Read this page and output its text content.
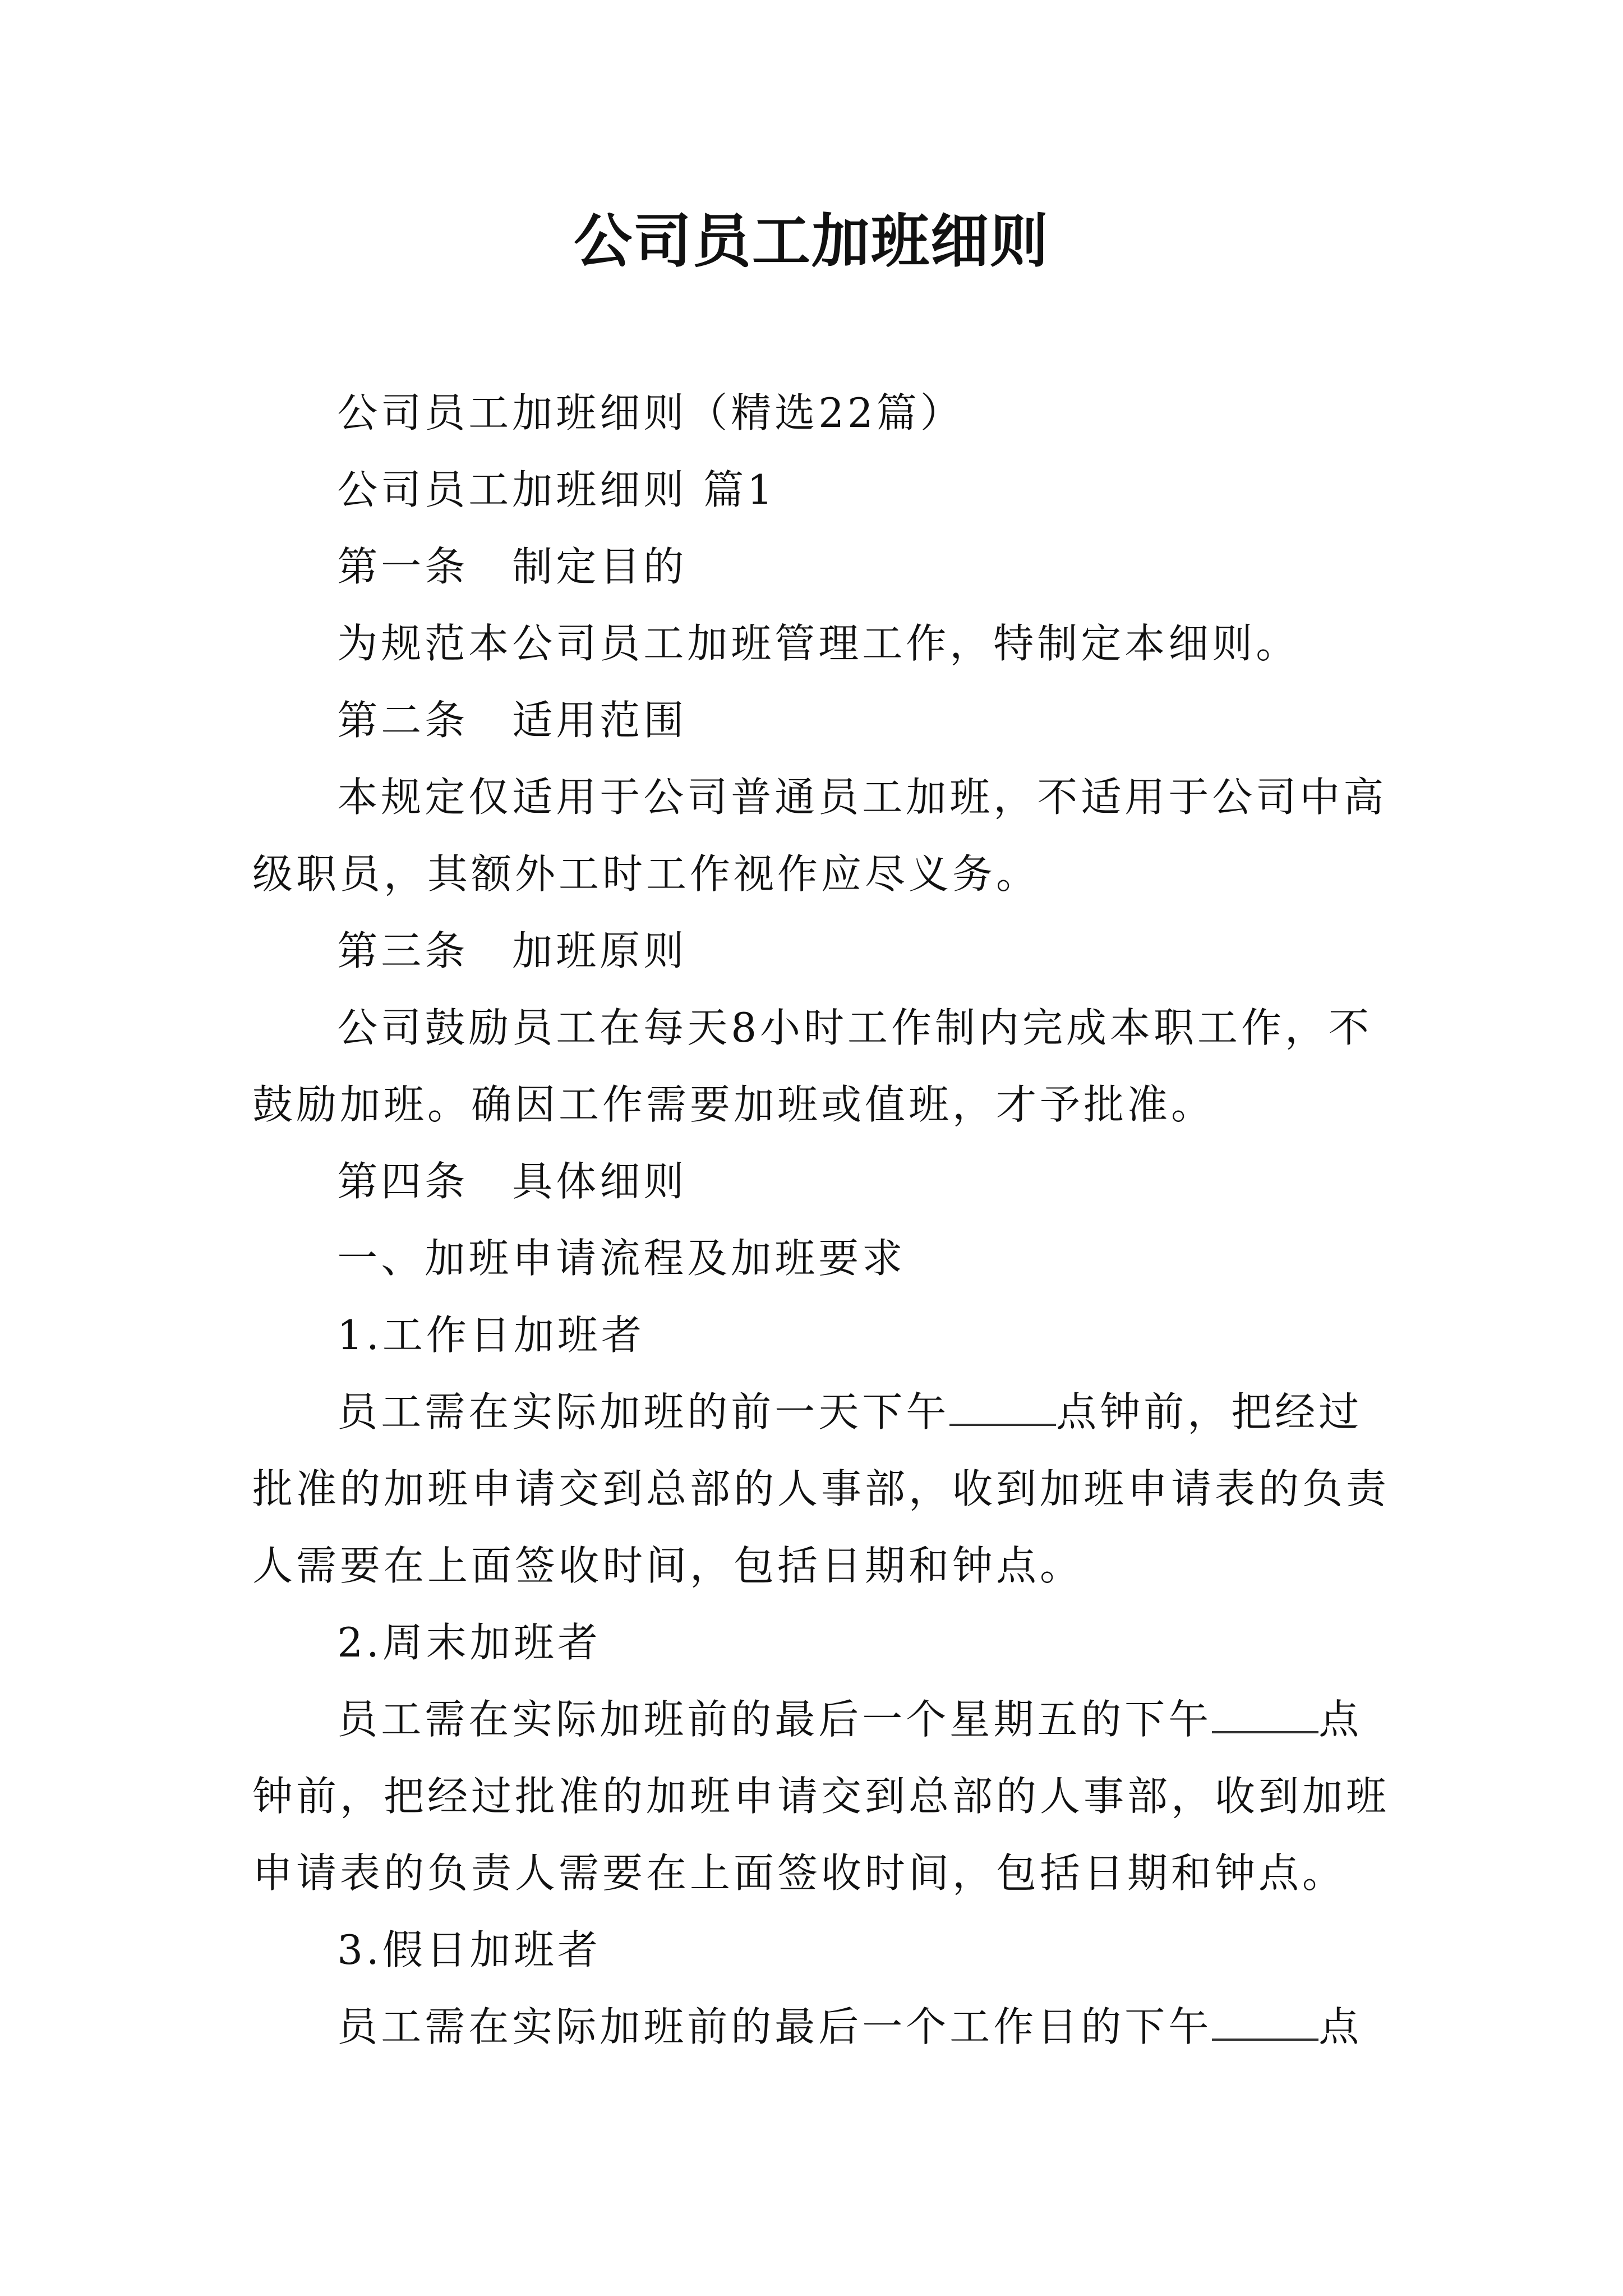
公司员工加班细则

公司员工加班细则（精选22篇）

公司员工加班细则 篇1

第一条　制定目的

为规范本公司员工加班管理工作，特制定本细则。

第二条　适用范围

本规定仅适用于公司普通员工加班，不适用于公司中高级职员，其额外工时工作视作应尽义务。

第三条　加班原则

公司鼓励员工在每天8小时工作制内完成本职工作，不鼓励加班。确因工作需要加班或值班，才予批准。

第四条　具体细则

一、加班申请流程及加班要求

1.工作日加班者

员工需在实际加班的前一天下午	点钟前，把经过批准的加班申请交到总部的人事部，收到加班申请表的负责人需要在上面签收时间，包括日期和钟点。

2.周末加班者

员工需在实际加班前的最后一个星期五的下午	点钟前，把经过批准的加班申请交到总部的人事部，收到加班申请表的负责人需要在上面签收时间，包括日期和钟点。

3.假日加班者

员工需在实际加班前的最后一个工作日的下午	点
